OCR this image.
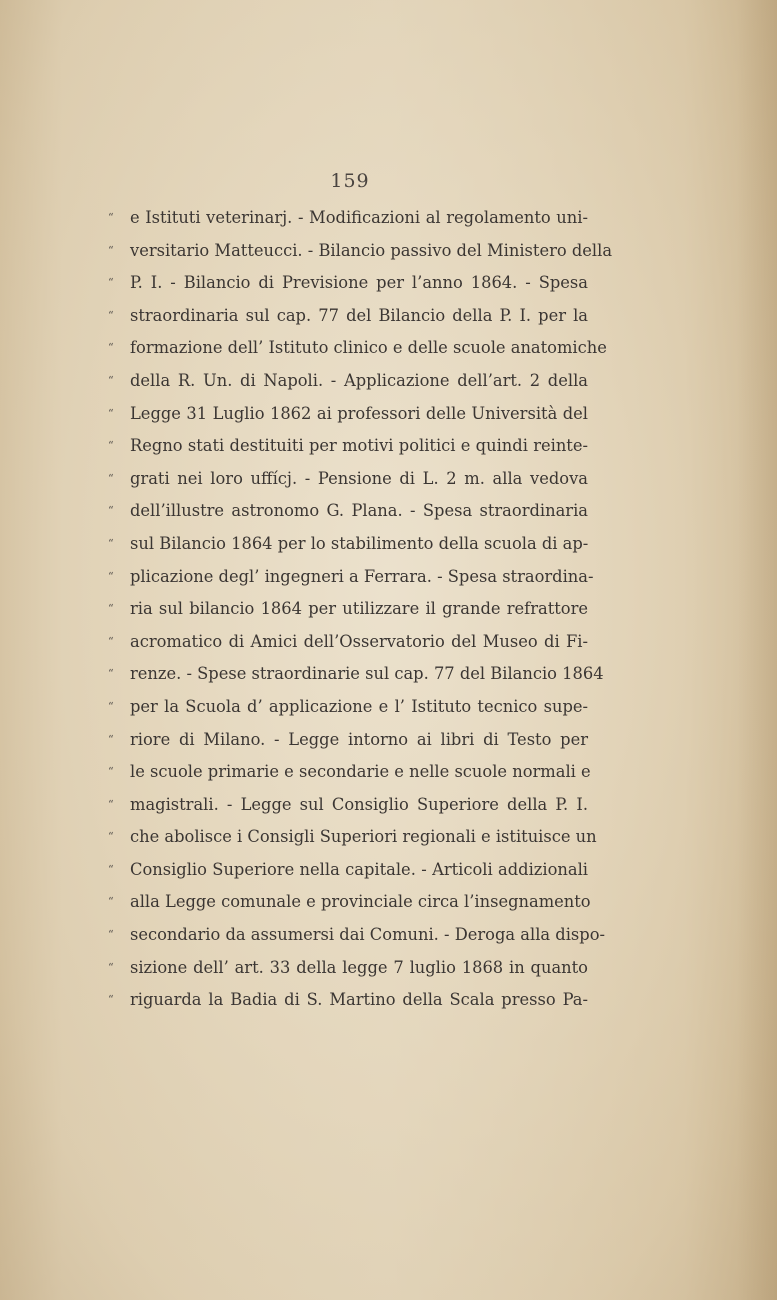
159
“ e Istituti veterinarj. - Modificazioni al regolamento uni-
“ versitario Matteucci. - Bilancio passivo del Ministero della
“ P. I. - Bilancio di Previsione per l’anno 1864. - Spesa
“ straordinaria sul cap. 77 del Bilancio della P. I. per la
“ formazione dell’ Istituto clinico e delle scuole anatomiche
“ della R. Un. di Napoli. - Applicazione dell’art. 2 della
“ Legge 31 Luglio 1862 ai professori delle Università del
“ Regno stati destituiti per motivi politici e quindi reinte-
“ grati nei loro uffícj. - Pensione di L. 2 m. alla vedova
“ dell’illustre astronomo G. Plana. - Spesa straordinaria
“ sul Bilancio 1864 per lo stabilimento della scuola di ap-
“ plicazione degl’ ingegneri a Ferrara. - Spesa straordina-
“ ria sul bilancio 1864 per utilizzare il grande refrattore
“ acromatico di Amici dell’Osservatorio del Museo di Fi-
“ renze. - Spese straordinarie sul cap. 77 del Bilancio 1864
“ per la Scuola d’ applicazione e l’ Istituto tecnico supe-
“ riore di Milano. - Legge intorno ai libri di Testo per
“ le scuole primarie e secondarie e nelle scuole normali e
“ magistrali. - Legge sul Consiglio Superiore della P. I.
“ che abolisce i Consigli Superiori regionali e istituisce un
“ Consiglio Superiore nella capitale. - Articoli addizionali
“ alla Legge comunale e provinciale circa l’insegnamento
“ secondario da assumersi dai Comuni. - Deroga alla dispo-
“ sizione dell’ art. 33 della legge 7 luglio 1868 in quanto
“ riguarda la Badia di S. Martino della Scala presso Pa-
